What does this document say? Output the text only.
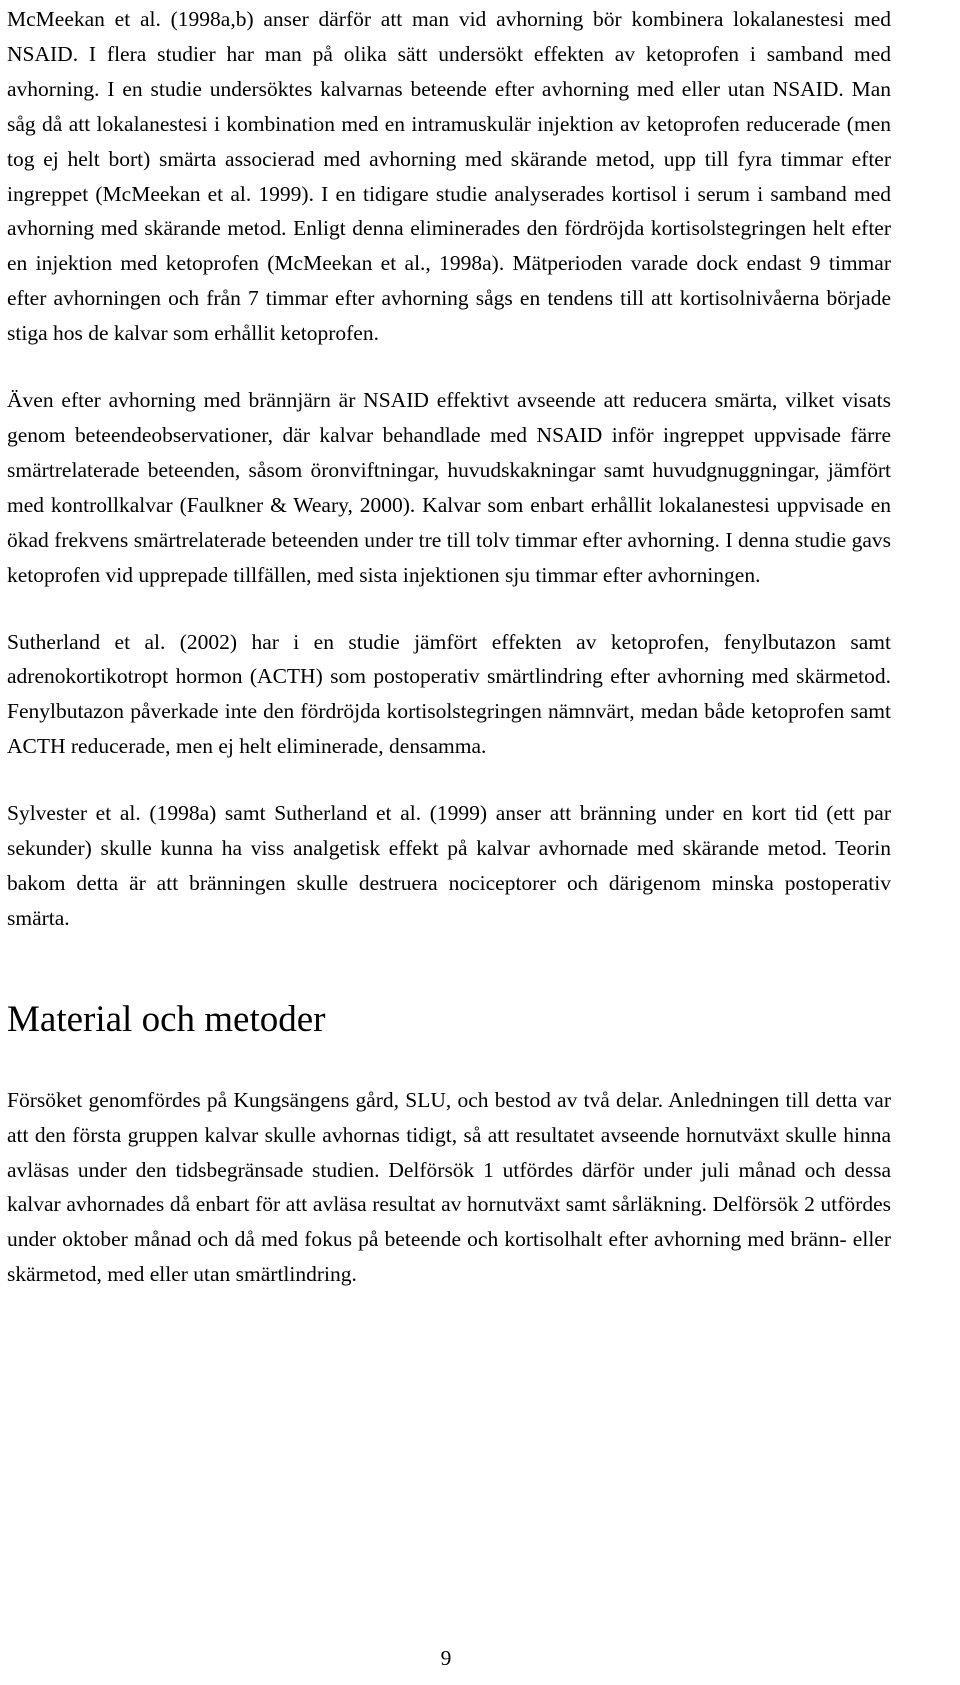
McMeekan et al. (1998a,b) anser därför att man vid avhorning bör kombinera lokalanestesi med NSAID. I flera studier har man på olika sätt undersökt effekten av ketoprofen i samband med avhorning. I en studie undersöktes kalvarnas beteende efter avhorning med eller utan NSAID. Man såg då att lokalanestesi i kombination med en intramuskulär injektion av ketoprofen reducerade (men tog ej helt bort) smärta associerad med avhorning med skärande metod, upp till fyra timmar efter ingreppet (McMeekan et al. 1999). I en tidigare studie analyserades kortisol i serum i samband med avhorning med skärande metod. Enligt denna eliminerades den fördröjda kortisolstegringen helt efter en injektion med ketoprofen (McMeekan et al., 1998a). Mätperioden varade dock endast 9 timmar efter avhorningen och från 7 timmar efter avhorning sågs en tendens till att kortisolnivåerna började stiga hos de kalvar som erhållit ketoprofen.

Även efter avhorning med brännjärn är NSAID effektivt avseende att reducera smärta, vilket visats genom beteendeobservationer, där kalvar behandlade med NSAID inför ingreppet uppvisade färre smärtrelaterade beteenden, såsom öronviftningar, huvudskakningar samt huvudgnuggningar, jämfört med kontrollkalvar (Faulkner & Weary, 2000). Kalvar som enbart erhållit lokalanestesi uppvisade en ökad frekvens smärtrelaterade beteenden under tre till tolv timmar efter avhorning. I denna studie gavs ketoprofen vid upprepade tillfällen, med sista injektionen sju timmar efter avhorningen.

Sutherland et al. (2002) har i en studie jämfört effekten av ketoprofen, fenylbutazon samt adrenokortikotropt hormon (ACTH) som postoperativ smärtlindring efter avhorning med skärmetod. Fenylbutazon påverkade inte den fördröjda kortisolstegringen nämnvärt, medan både ketoprofen samt ACTH reducerade, men ej helt eliminerade, densamma.

Sylvester et al. (1998a) samt Sutherland et al. (1999) anser att bränning under en kort tid (ett par sekunder) skulle kunna ha viss analgetisk effekt på kalvar avhornade med skärande metod. Teorin bakom detta är att bränningen skulle destruera nociceptorer och därigenom minska postoperativ smärta.

Material och metoder

Försöket genomfördes på Kungsängens gård, SLU, och bestod av två delar. Anledningen till detta var att den första gruppen kalvar skulle avhornas tidigt, så att resultatet avseende hornutväxt skulle hinna avläsas under den tidsbegränsade studien. Delförsök 1 utfördes därför under juli månad och dessa kalvar avhornades då enbart för att avläsa resultat av hornutväxt samt sårläkning. Delförsök 2 utfördes under oktober månad och då med fokus på beteende och kortisolhalt efter avhorning med bränn- eller skärmetod, med eller utan smärtlindring.

9
